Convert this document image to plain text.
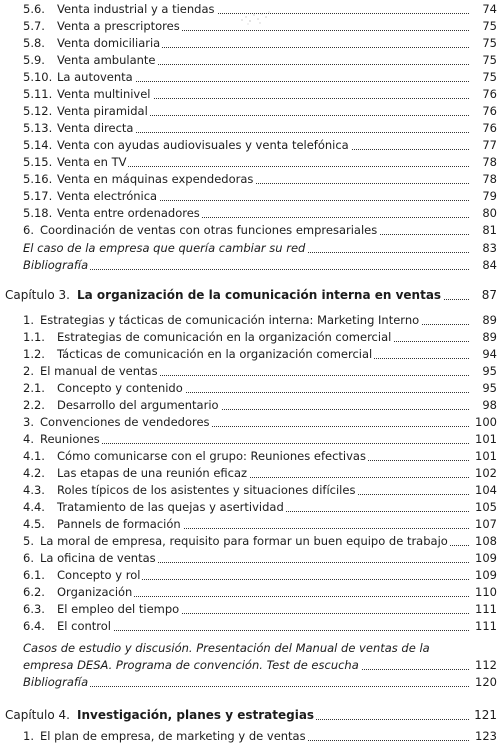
5.6. Venta industrial y a tiendas	74
5.7. Venta a prescriptores	75
5.8. Venta domiciliaria	75
5.9. Venta ambulante	75
5.10. La autoventa	75
5.11. Venta multinivel	76
5.12. Venta piramidal	76
5.13. Venta directa	76
5.14. Venta con ayudas audiovisuales y venta telefónica	77
5.15. Venta en TV	78
5.16. Venta en máquinas expendedoras	78
5.17. Venta electrónica	79
5.18. Venta entre ordenadores	80
6. Coordinación de ventas con otras funciones empresariales	81
El caso de la empresa que quería cambiar su red	83
Bibliografía	84
Capítulo 3. La organización de la comunicación interna en ventas	87
1. Estrategias y tácticas de comunicación interna: Marketing Interno	89
1.1. Estrategias de comunicación en la organización comercial	89
1.2. Tácticas de comunicación en la organización comercial	94
2. El manual de ventas	95
2.1. Concepto y contenido	95
2.2. Desarrollo del argumentario	98
3. Convenciones de vendedores	100
4. Reuniones	101
4.1. Cómo comunicarse con el grupo: Reuniones efectivas	101
4.2. Las etapas de una reunión eficaz	102
4.3. Roles típicos de los asistentes y situaciones difíciles	104
4.4. Tratamiento de las quejas y asertividad	105
4.5. Pannels de formación	107
5. La moral de empresa, requisito para formar un buen equipo de trabajo	108
6. La oficina de ventas	109
6.1. Concepto y rol	109
6.2. Organización	110
6.3. El empleo del tiempo	111
6.4. El control	111
Casos de estudio y discusión. Presentación del Manual de ventas de la
empresa DESA. Programa de convención. Test de escucha	112
Bibliografía	120
Capítulo 4. Investigación, planes y estrategias	121
1. El plan de empresa, de marketing y de ventas	123
